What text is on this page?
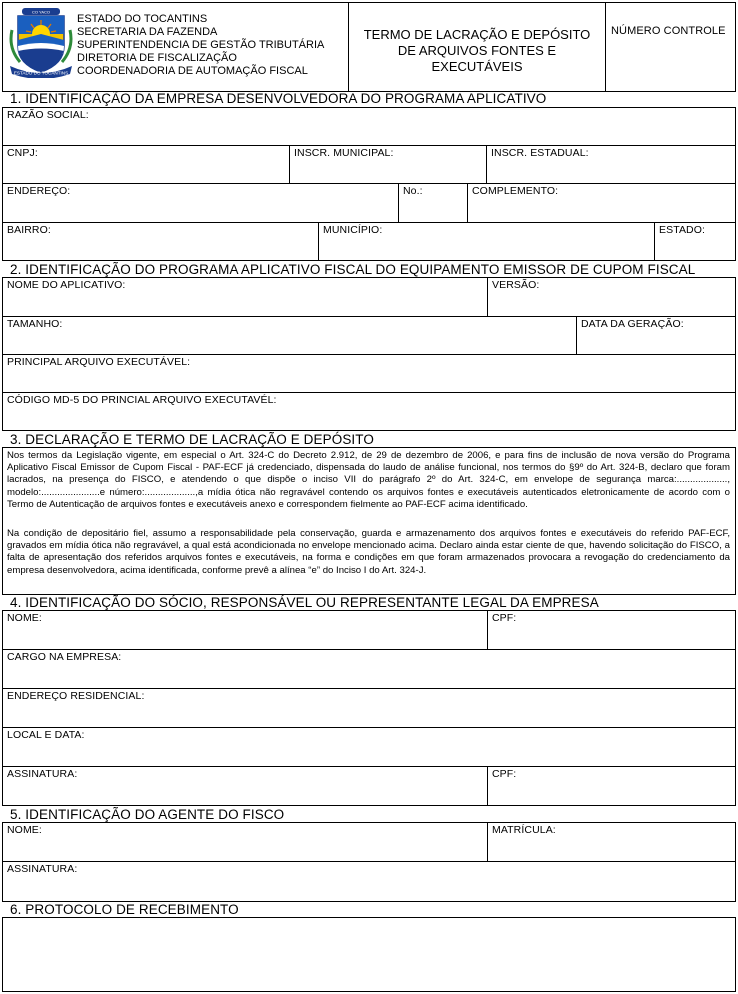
CO YACO
ESTADO DO TOCANTINS
ESTADO DO TOCANTINS
SECRETARIA DA FAZENDA
SUPERINTENDENCIA DE GESTÃO TRIBUTÁRIA
DIRETORIA DE FISCALIZAÇÃO
COORDENADORIA DE AUTOMAÇÃO FISCAL
TERMO DE LACRAÇÃO E DEPÓSITO
DE ARQUIVOS FONTES E
EXECUTÁVEIS
NÚMERO CONTROLE
1. IDENTIFICAÇÃO DA EMPRESA DESENVOLVEDORA DO PROGRAMA APLICATIVO
RAZÃO SOCIAL:
CNPJ:	INSCR. MUNICIPAL:	INSCR. ESTADUAL:
ENDEREÇO:	No.:	COMPLEMENTO:
BAIRRO:	MUNICÍPIO:	ESTADO:
2. IDENTIFICAÇÃO DO PROGRAMA APLICATIVO FISCAL DO EQUIPAMENTO EMISSOR DE CUPOM FISCAL
NOME DO APLICATIVO:	VERSÃO:
TAMANHO:	DATA DA GERAÇÃO:
PRINCIPAL ARQUIVO EXECUTÁVEL:
CÓDIGO MD-5 DO PRINCIAL ARQUIVO EXECUTAVÉL:
3. DECLARAÇÃO E TERMO DE LACRAÇÃO E DEPÓSITO
Nos termos da Legislação vigente, em especial o Art. 324-C do Decreto 2.912, de 29 de dezembro de 2006, e para fins de inclusão de nova versão do Programa Aplicativo Fiscal Emissor de Cupom Fiscal - PAF-ECF já credenciado, dispensada do laudo de análise funcional, nos termos do §9º do Art. 324-B, declaro que foram lacrados, na presença do FISCO, e atendendo o que dispõe o inciso VII do parágrafo 2º do Art. 324-C, em envelope de segurança marca:..................., modelo:......................e número:...................,a mídia ótica não regravável contendo os arquivos fontes e executáveis autenticados eletronicamente de acordo com o Termo de Autenticação de arquivos fontes e executáveis anexo e correspondem fielmente ao PAF-ECF acima identificado.
Na condição de depositário fiel, assumo a responsabilidade pela conservação, guarda e armazenamento dos arquivos fontes e executáveis do referido PAF-ECF, gravados em mídia ótica não regravável, a qual está acondicionada no envelope mencionado acima. Declaro ainda estar ciente de que, havendo solicitação do FISCO, a falta de apresentação dos referidos arquivos fontes e executáveis, na forma e condições em que foram armazenados provocara a revogação do credenciamento da empresa desenvolvedora, acima identificada, conforme prevê a alínea “e” do Inciso I do Art. 324-J.
4. IDENTIFICAÇÃO DO SÓCIO, RESPONSÁVEL OU REPRESENTANTE LEGAL DA EMPRESA
NOME:	CPF:
CARGO NA EMPRESA:
ENDEREÇO RESIDENCIAL:
LOCAL E DATA:
ASSINATURA:	CPF:
5. IDENTIFICAÇÃO DO AGENTE DO FISCO
NOME:	MATRÍCULA:
ASSINATURA:
6. PROTOCOLO DE RECEBIMENTO
